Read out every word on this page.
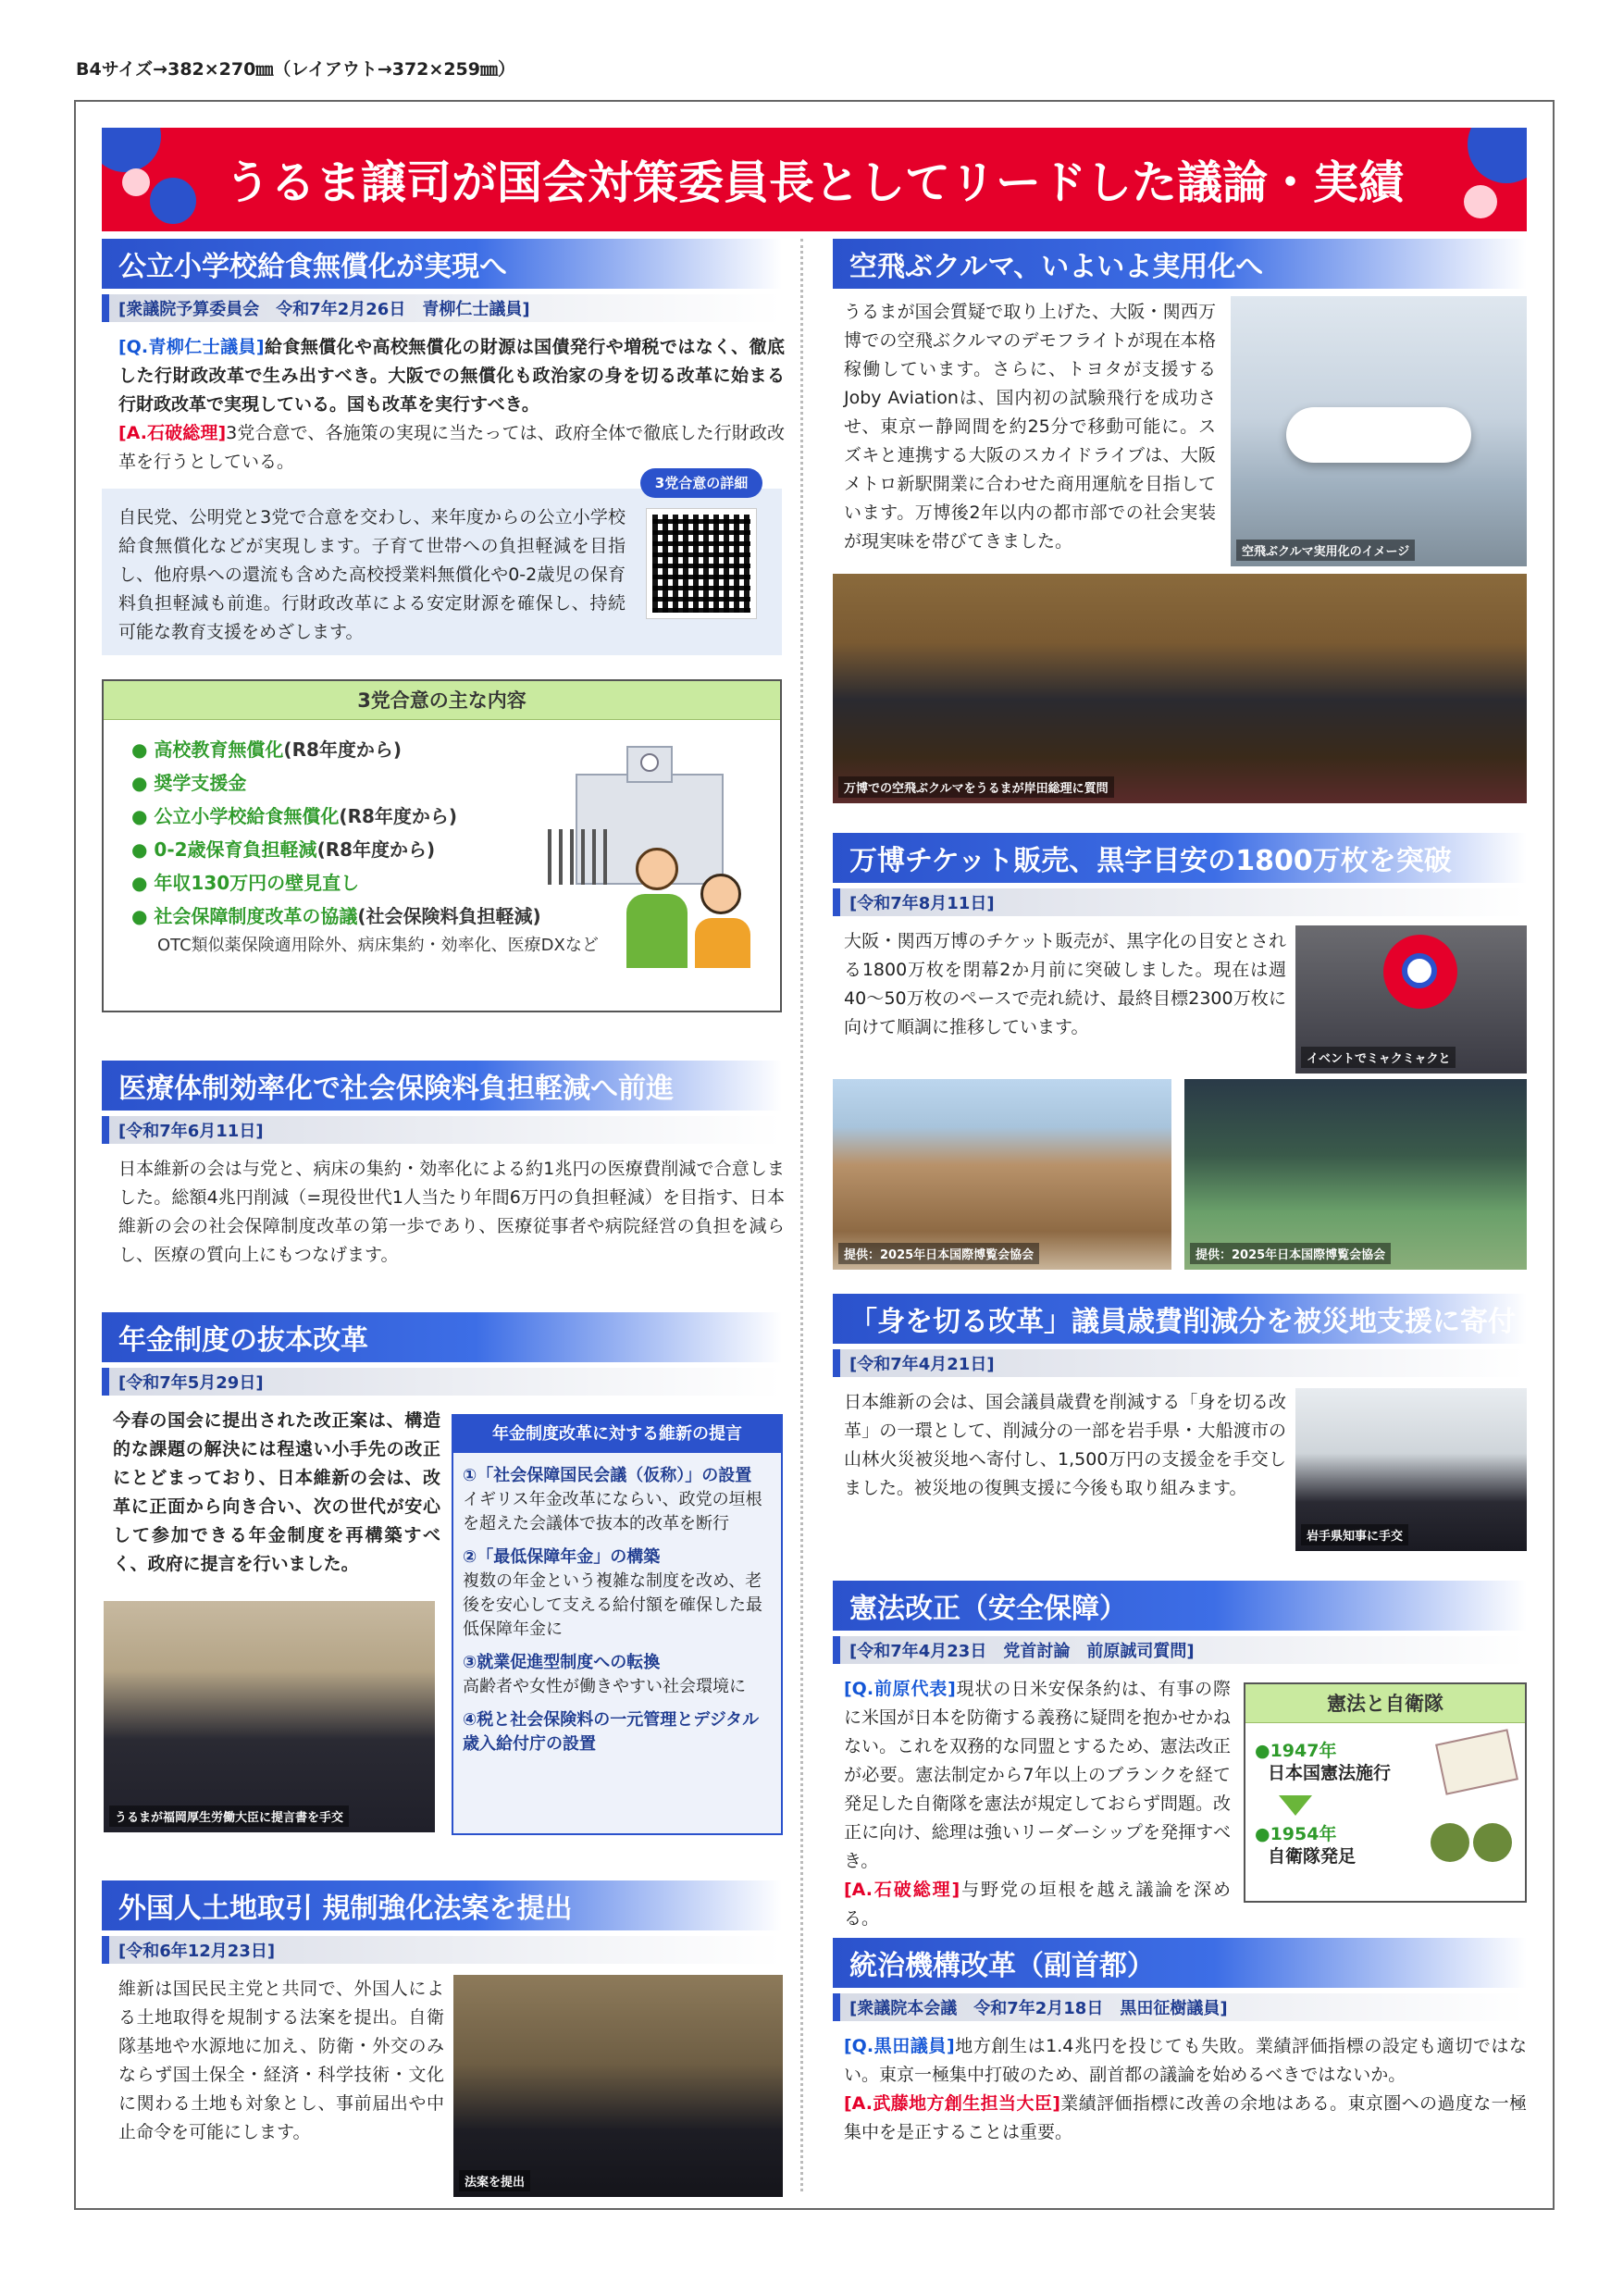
B4サイズ→382×270㎜（レイアウト→372×259㎜）
うるま譲司が国会対策委員長としてリードした議論・実績
公立小学校給食無償化が実現へ
[衆議院予算委員会　令和7年2月26日　青柳仁士議員]
[Q.青柳仁士議員]給食無償化や高校無償化の財源は国債発行や増税ではなく、徹底した行財政改革で生み出すべき。大阪での無償化も政治家の身を切る改革に始まる行財政改革で実現している。国も改革を実行すべき。
[A.石破総理]3党合意で、各施策の実現に当たっては、政府全体で徹底した行財政改革を行うとしている。
自民党、公明党と3党で合意を交わし、来年度からの公立小学校給食無償化などが実現します。子育て世帯への負担軽減を目指し、他府県への還流も含めた高校授業料無償化や0-2歳児の保育料負担軽減も前進。行財政改革による安定財源を確保し、持続可能な教育支援をめざします。
3党合意の詳細
3党合意の主な内容
● 高校教育無償化(R8年度から)
● 奨学支援金
● 公立小学校給食無償化(R8年度から)
● 0-2歳保育負担軽減(R8年度から)
● 年収130万円の壁見直し
● 社会保障制度改革の協議(社会保険料負担軽減)
OTC類似薬保険適用除外、病床集約・効率化、医療DXなど
医療体制効率化で社会保険料負担軽減へ前進
[令和7年6月11日]
日本維新の会は与党と、病床の集約・効率化による約1兆円の医療費削減で合意しました。総額4兆円削減（=現役世代1人当たり年間6万円の負担軽減）を目指す、日本維新の会の社会保障制度改革の第一歩であり、医療従事者や病院経営の負担を減らし、医療の質向上にもつなげます。
年金制度の抜本改革
[令和7年5月29日]
今春の国会に提出された改正案は、構造的な課題の解決には程遠い小手先の改正にとどまっており、日本維新の会は、改革に正面から向き合い、次の世代が安心して参加できる年金制度を再構築すべく、政府に提言を行いました。
うるまが福岡厚生労働大臣に提言書を手交
年金制度改革に対する維新の提言
①「社会保障国民会議（仮称）」の設置
イギリス年金改革にならい、政党の垣根を超えた会議体で抜本的改革を断行
②「最低保障年金」の構築
複数の年金という複雑な制度を改め、老後を安心して支える給付額を確保した最低保障年金に
③就業促進型制度への転換
高齢者や女性が働きやすい社会環境に
④税と社会保険料の一元管理とデジタル歳入給付庁の設置
外国人土地取引 規制強化法案を提出
[令和6年12月23日]
維新は国民民主党と共同で、外国人による土地取得を規制する法案を提出。自衛隊基地や水源地に加え、防衛・外交のみならず国土保全・経済・科学技術・文化に関わる土地も対象とし、事前届出や中止命令を可能にします。
法案を提出
空飛ぶクルマ、いよいよ実用化へ
うるまが国会質疑で取り上げた、大阪・関西万博での空飛ぶクルマのデモフライトが現在本格稼働しています。さらに、トヨタが支援するJoby Aviationは、国内初の試験飛行を成功させ、東京ー静岡間を約25分で移動可能に。スズキと連携する大阪のスカイドライブは、大阪メトロ新駅開業に合わせた商用運航を目指しています。万博後2年以内の都市部での社会実装が現実味を帯びてきました。
空飛ぶクルマ実用化のイメージ
万博での空飛ぶクルマをうるまが岸田総理に質問
万博チケット販売、黒字目安の1800万枚を突破
[令和7年8月11日]
大阪・関西万博のチケット販売が、黒字化の目安とされる1800万枚を閉幕2か月前に突破しました。現在は週40〜50万枚のペースで売れ続け、最終目標2300万枚に向けて順調に推移しています。
イベントでミャクミャクと
提供：2025年日本国際博覧会協会	提供：2025年日本国際博覧会協会
「身を切る改革」議員歳費削減分を被災地支援に寄付
[令和7年4月21日]
日本維新の会は、国会議員歳費を削減する「身を切る改革」の一環として、削減分の一部を岩手県・大船渡市の山林火災被災地へ寄付し、1,500万円の支援金を手交しました。被災地の復興支援に今後も取り組みます。
岩手県知事に手交
憲法改正（安全保障）
[令和7年4月23日　党首討論　前原誠司質問]
[Q.前原代表]現状の日米安保条約は、有事の際に米国が日本を防衛する義務に疑問を抱かせかねない。これを双務的な同盟とするため、憲法改正が必要。憲法制定から7年以上のブランクを経て発足した自衛隊を憲法が規定しておらず問題。改正に向け、総理は強いリーダーシップを発揮すべき。
[A.石破総理]与野党の垣根を越え議論を深める。
憲法と自衛隊
●1947年
日本国憲法施行
●1954年
自衛隊発足
統治機構改革（副首都）
[衆議院本会議　令和7年2月18日　黒田征樹議員]
[Q.黒田議員]地方創生は1.4兆円を投じても失敗。業績評価指標の設定も適切ではない。東京一極集中打破のため、副首都の議論を始めるべきではないか。
[A.武藤地方創生担当大臣]業績評価指標に改善の余地はある。東京圏への過度な一極集中を是正することは重要。
